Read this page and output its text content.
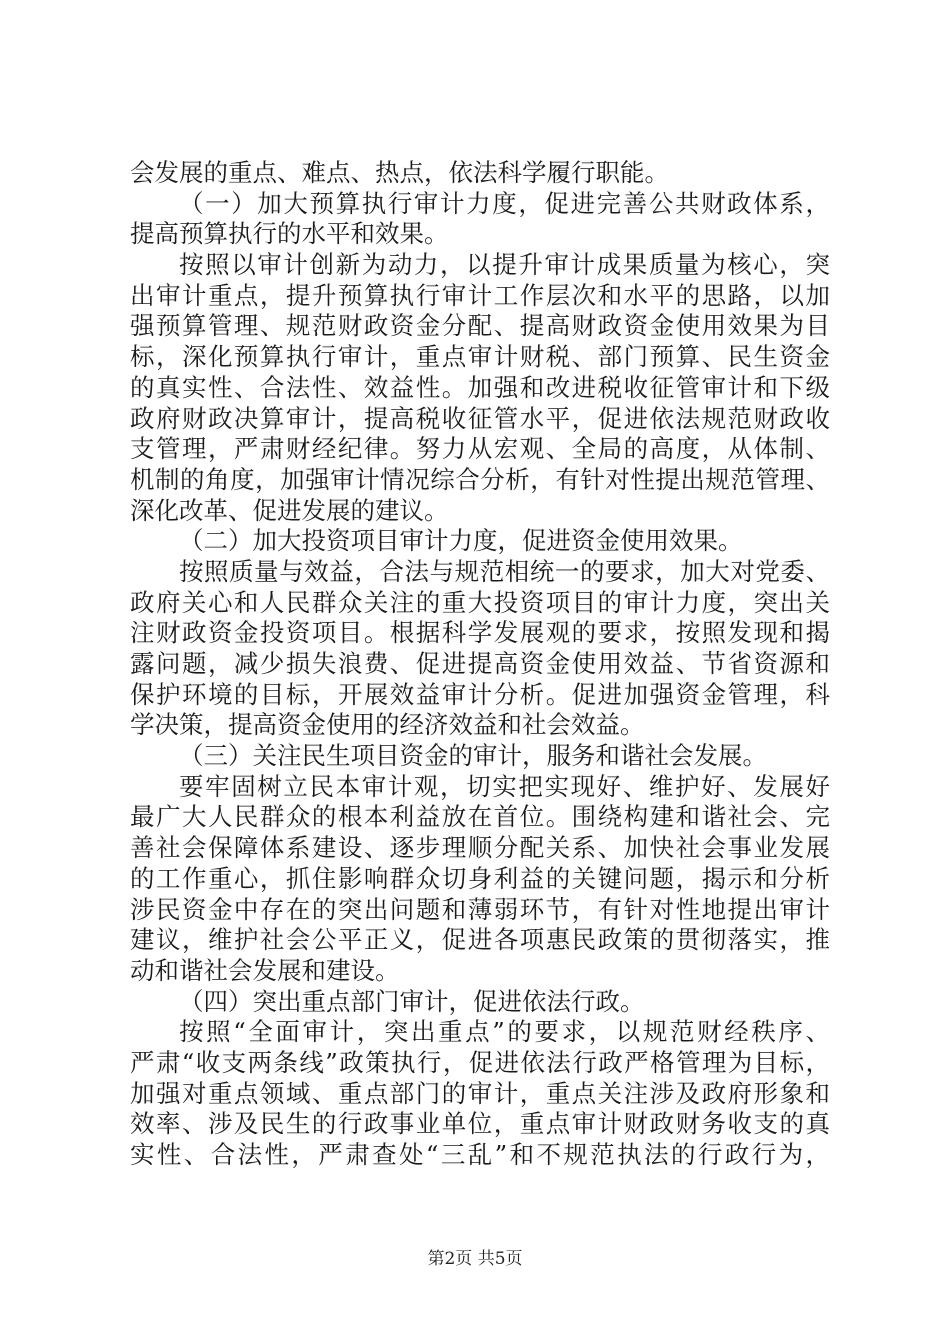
会发展的重点、难点、热点，依法科学履行职能。
（一）加大预算执行审计力度，促进完善公共财政体系，
提高预算执行的水平和效果。
按照以审计创新为动力，以提升审计成果质量为核心，突
出审计重点，提升预算执行审计工作层次和水平的思路，以加
强预算管理、规范财政资金分配、提高财政资金使用效果为目
标，深化预算执行审计，重点审计财税、部门预算、民生资金
的真实性、合法性、效益性。加强和改进税收征管审计和下级
政府财政决算审计，提高税收征管水平，促进依法规范财政收
支管理，严肃财经纪律。努力从宏观、全局的高度，从体制、
机制的角度，加强审计情况综合分析，有针对性提出规范管理、
深化改革、促进发展的建议。
（二）加大投资项目审计力度，促进资金使用效果。
按照质量与效益，合法与规范相统一的要求，加大对党委、
政府关心和人民群众关注的重大投资项目的审计力度，突出关
注财政资金投资项目。根据科学发展观的要求，按照发现和揭
露问题，减少损失浪费、促进提高资金使用效益、节省资源和
保护环境的目标，开展效益审计分析。促进加强资金管理，科
学决策，提高资金使用的经济效益和社会效益。
（三）关注民生项目资金的审计，服务和谐社会发展。
要牢固树立民本审计观，切实把实现好、维护好、发展好
最广大人民群众的根本利益放在首位。围绕构建和谐社会、完
善社会保障体系建设、逐步理顺分配关系、加快社会事业发展
的工作重心，抓住影响群众切身利益的关键问题，揭示和分析
涉民资金中存在的突出问题和薄弱环节，有针对性地提出审计
建议，维护社会公平正义，促进各项惠民政策的贯彻落实，推
动和谐社会发展和建设。
（四）突出重点部门审计，促进依法行政。
按照“全面审计，突出重点”的要求，以规范财经秩序、
严肃“收支两条线”政策执行，促进依法行政严格管理为目标，
加强对重点领域、重点部门的审计，重点关注涉及政府形象和
效率、涉及民生的行政事业单位，重点审计财政财务收支的真
实性、合法性，严肃查处“三乱”和不规范执法的行政行为，
第2页 共5页
